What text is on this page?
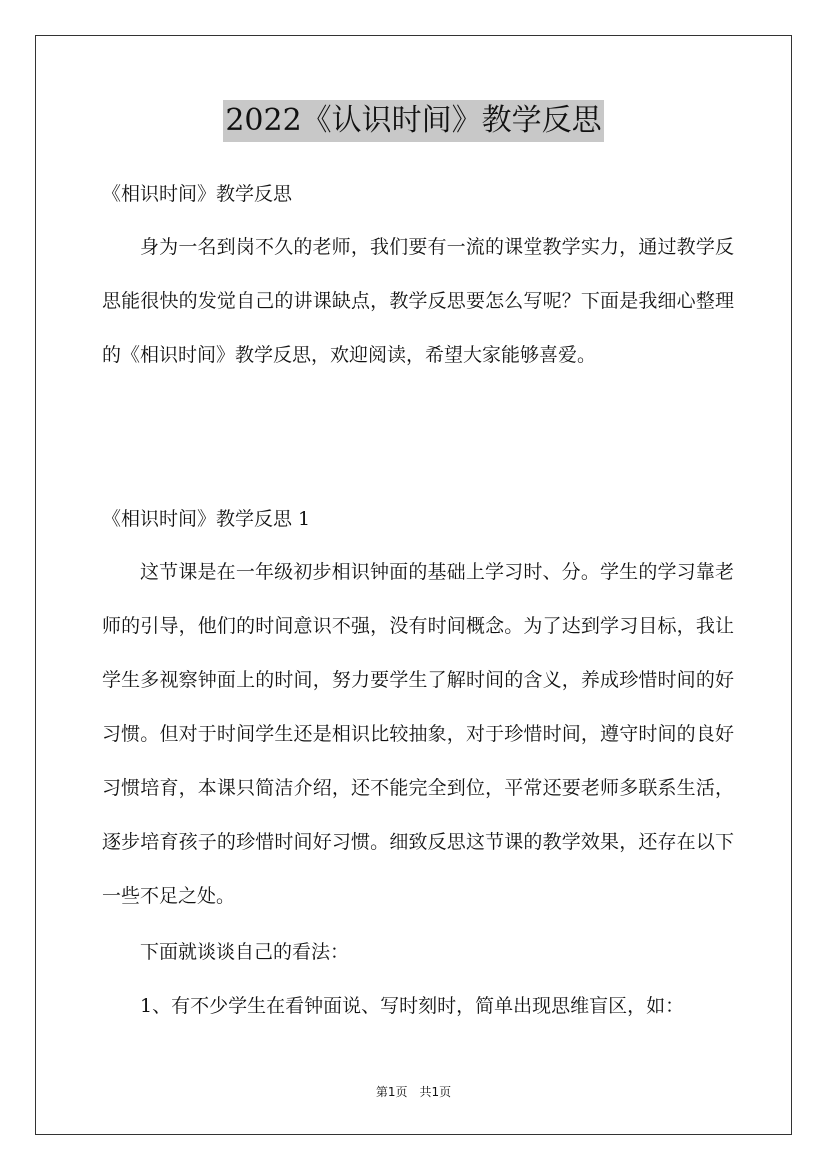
2022《认识时间》教学反思
《相识时间》教学反思
身为一名到岗不久的老师，我们要有一流的课堂教学实力，通过教学反思能很快的发觉自己的讲课缺点，教学反思要怎么写呢？下面是我细心整理的《相识时间》教学反思，欢迎阅读，希望大家能够喜爱。
《相识时间》教学反思 1
这节课是在一年级初步相识钟面的基础上学习时、分。学生的学习靠老师的引导，他们的时间意识不强，没有时间概念。为了达到学习目标，我让学生多视察钟面上的时间，努力要学生了解时间的含义，养成珍惜时间的好习惯。但对于时间学生还是相识比较抽象，对于珍惜时间，遵守时间的良好习惯培育，本课只简洁介绍，还不能完全到位，平常还要老师多联系生活，逐步培育孩子的珍惜时间好习惯。细致反思这节课的教学效果，还存在以下一些不足之处。
下面就谈谈自己的看法：
1、有不少学生在看钟面说、写时刻时，简单出现思维盲区，如：
第1页　共1页
